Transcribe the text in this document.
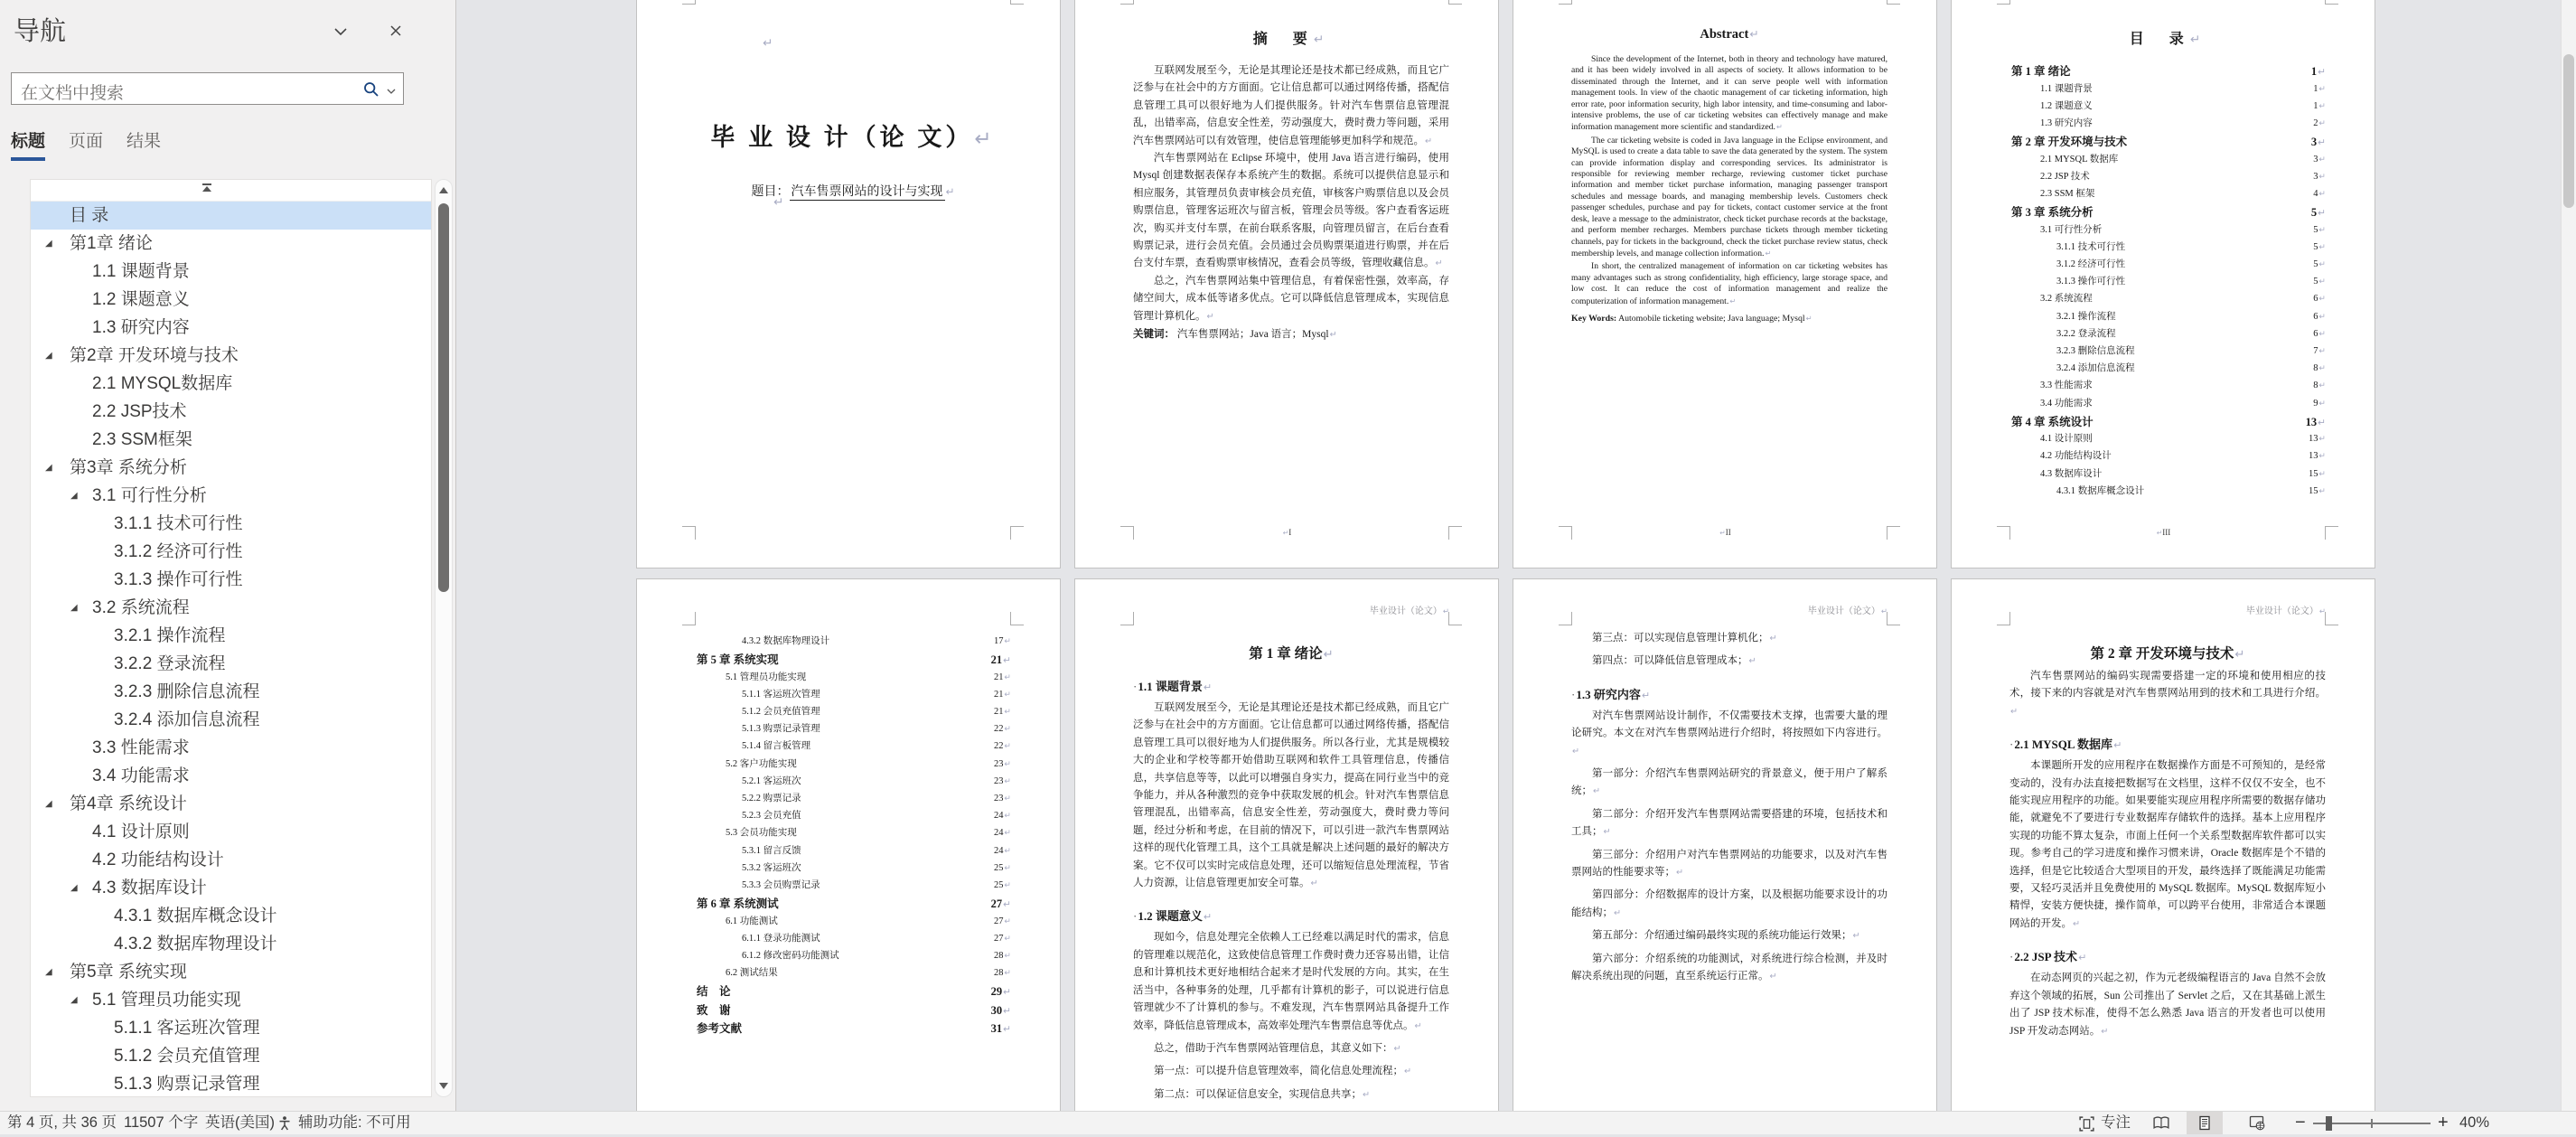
导航
在文档中搜索
标题 页面 结果
目 录
◢ 第1章 绪论
1.1 课题背景
1.2 课题意义
1.3 研究内容
◢ 第2章 开发环境与技术
2.1 MYSQL数据库
2.2 JSP技术
2.3 SSM框架
◢ 第3章 系统分析
◢ 3.1 可行性分析
3.1.1 技术可行性
3.1.2 经济可行性
3.1.3 操作可行性
◢ 3.2 系统流程
3.2.1 操作流程
3.2.2 登录流程
3.2.3 删除信息流程
3.2.4 添加信息流程
3.3 性能需求
3.4 功能需求
◢ 第4章 系统设计
4.1 设计原则
4.2 功能结构设计
◢ 4.3 数据库设计
4.3.1 数据库概念设计
4.3.2 数据库物理设计
◢ 第5章 系统实现
◢ 5.1 管理员功能实现
5.1.1 客运班次管理
5.1.2 会员充值管理
5.1.3 购票记录管理
↵
毕 业 设 计（论 文）↵
题目： 汽车售票网站的设计与实现 ↵
↵
摘　要↵

互联网发展至今，无论是其理论还是技术都已经成熟，而且它广泛参与在社会中的方方面面。它让信息都可以通过网络传播，搭配信息管理工具可以很好地为人们提供服务。针对汽车售票信息管理混乱，出错率高，信息安全性差，劳动强度大，费时费力等问题，采用汽车售票网站可以有效管理，使信息管理能够更加科学和规范。↵

汽车售票网站在 Eclipse 环境中，使用 Java 语言进行编码，使用 Mysql 创建数据表保存本系统产生的数据。系统可以提供信息显示和相应服务，其管理员负责审核会员充值，审核客户购票信息以及会员购票信息，管理客运班次与留言板，管理会员等级。客户查看客运班次，购买并支付车票，在前台联系客服，向管理员留言，在后台查看购票记录，进行会员充值。会员通过会员购票渠道进行购票，并在后台支付车票，查看购票审核情况，查看会员等级，管理收藏信息。↵

总之，汽车售票网站集中管理信息，有着保密性强，效率高，存储空间大，成本低等诸多优点。它可以降低信息管理成本，实现信息管理计算机化。↵

关键词： 汽车售票网站；Java 语言；Mysql↵
↵I
Abstract↵

Since the development of the Internet, both in theory and technology have matured, and it has been widely involved in all aspects of society. It allows information to be disseminated through the Internet, and it can serve people well with information management tools. In view of the chaotic management of car ticketing information, high error rate, poor information security, high labor intensity, and time-consuming and labor-intensive problems, the use of car ticketing websites can effectively manage and make information management more scientific and standardized.↵

The car ticketing website is coded in Java language in the Eclipse environment, and MySQL is used to create a data table to save the data generated by the system. The system can provide information display and corresponding services. Its administrator is responsible for reviewing member recharge, reviewing customer ticket purchase information and member ticket purchase information, managing passenger transport schedules and message boards, and managing membership levels. Customers check passenger schedules, purchase and pay for tickets, contact customer service at the front desk, leave a message to the administrator, check ticket purchase records at the backstage, and perform member recharges. Members purchase tickets through member ticketing channels, pay for tickets in the background, check the ticket purchase review status, check membership levels, and manage collection information.↵

In short, the centralized management of information on car ticketing websites has many advantages such as strong confidentiality, high efficiency, large storage space, and low cost. It can reduce the cost of information management and realize the computerization of information management.↵

Key Words: Automobile ticketing website; Java language; Mysql↵
↵II
目　录↵
第 1 章 绪论	1 ↵
1.1 课题背景	1 ↵
1.2 课题意义	1 ↵
1.3 研究内容	2 ↵
第 2 章 开发环境与技术	3 ↵
2.1 MYSQL 数据库	3 ↵
2.2 JSP 技术	3 ↵
2.3 SSM 框架	4 ↵
第 3 章 系统分析	5 ↵
3.1 可行性分析	5 ↵
3.1.1 技术可行性	5 ↵
3.1.2 经济可行性	5 ↵
3.1.3 操作可行性	5 ↵
3.2 系统流程	6 ↵
3.2.1 操作流程	6 ↵
3.2.2 登录流程	6 ↵
3.2.3 删除信息流程	7 ↵
3.2.4 添加信息流程	8 ↵
3.3 性能需求	8 ↵
3.4 功能需求	9 ↵
第 4 章 系统设计	13 ↵
4.1 设计原则	13 ↵
4.2 功能结构设计	13 ↵
4.3 数据库设计	15 ↵
4.3.1 数据库概念设计	15 ↵
↵III
4.3.2 数据库物理设计	17 ↵
第 5 章 系统实现	21 ↵
5.1 管理员功能实现	21 ↵
5.1.1 客运班次管理	21 ↵
5.1.2 会员充值管理	21 ↵
5.1.3 购票记录管理	22 ↵
5.1.4 留言板管理	22 ↵
5.2 客户功能实现	23 ↵
5.2.1 客运班次	23 ↵
5.2.2 购票记录	23 ↵
5.2.3 会员充值	24 ↵
5.3 会员功能实现	24 ↵
5.3.1 留言反馈	24 ↵
5.3.2 客运班次	25 ↵
5.3.3 会员购票记录	25 ↵
第 6 章 系统测试	27 ↵
6.1 功能测试	27 ↵
6.1.1 登录功能测试	27 ↵
6.1.2 修改密码功能测试	28 ↵
6.2 测试结果	28 ↵
结　论	29 ↵
致　谢	30 ↵
参考文献	31 ↵
毕业设计（论文）↵
第 1 章 绪论↵
· 1.1 课题背景↵

互联网发展至今，无论是其理论还是技术都已经成熟，而且它广泛参与在社会中的方方面面。它让信息都可以通过网络传播，搭配信息管理工具可以很好地为人们提供服务。所以各行业，尤其是规模较大的企业和学校等都开始借助互联网和软件工具管理信息，传播信息，共享信息等等，以此可以增强自身实力，提高在同行业当中的竞争能力，并从各种激烈的竞争中获取发展的机会。针对汽车售票信息管理混乱，出错率高，信息安全性差，劳动强度大，费时费力等问题，经过分析和考虑，在目前的情况下，可以引进一款汽车售票网站这样的现代化管理工具，这个工具就是解决上述问题的最好的解决方案。它不仅可以实时完成信息处理，还可以缩短信息处理流程，节省人力资源，让信息管理更加安全可靠。↵

· 1.2 课题意义↵

现如今，信息处理完全依赖人工已经难以满足时代的需求，信息的管理难以规范化，这致使信息管理工作费时费力还容易出错，让信息和计算机技术更好地相结合起来才是时代发展的方向。其实，在生活当中，各种事务的处理，几乎都有计算机的影子，可以说进行信息管理就少不了计算机的参与。不难发现，汽车售票网站具备提升工作效率，降低信息管理成本，高效率处理汽车售票信息等优点。↵

总之，借助于汽车售票网站管理信息，其意义如下：↵

第一点：可以提升信息管理效率，简化信息处理流程；↵

第二点：可以保证信息安全，实现信息共享；↵

毕业设计（论文）↵

第三点：可以实现信息管理计算机化；↵

第四点：可以降低信息管理成本；↵

· 1.3 研究内容↵

对汽车售票网站设计制作，不仅需要技术支撑，也需要大量的理论研究。本文在对汽车售票网站进行介绍时，将按照如下内容进行。↵

第一部分：介绍汽车售票网站研究的背景意义，便于用户了解系统；↵

第二部分：介绍开发汽车售票网站需要搭建的环境，包括技术和工具；↵

第三部分：介绍用户对汽车售票网站的功能要求，以及对汽车售票网站的性能要求等；↵

第四部分：介绍数据库的设计方案，以及根据功能要求设计的功能结构；↵

第五部分：介绍通过编码最终实现的系统功能运行效果；↵

第六部分：介绍系统的功能测试，对系统进行综合检测，并及时解决系统出现的问题，直至系统运行正常。↵

毕业设计（论文）↵
第 2 章 开发环境与技术↵

汽车售票网站的编码实现需要搭建一定的环境和使用相应的技术，接下来的内容就是对汽车售票网站用到的技术和工具进行介绍。↵

· 2.1 MYSQL 数据库↵

本课题所开发的应用程序在数据操作方面是不可预知的，是经常变动的，没有办法直接把数据写在文档里，这样不仅仅不安全，也不能实现应用程序的功能。如果要能实现应用程序所需要的数据存储功能，就避免不了要进行专业数据库存储软件的选择。基本上应用程序实现的功能不算太复杂，市面上任何一个关系型数据库软件都可以实现。参考自己的学习进度和操作习惯来讲，Oracle 数据库是个不错的选择，但是它比较适合大型项目的开发，最终选择了既能满足功能需要，又轻巧灵活并且免费使用的 MySQL 数据库。MySQL 数据库短小精悍，安装方便快捷，操作简单，可以跨平台使用，非常适合本课题网站的开发。↵

· 2.2 JSP 技术↵

在动态网页的兴起之初，作为元老级编程语言的 Java 自然不会放弃这个领域的拓展，Sun 公司推出了 Servlet 之后，又在其基础上派生出了 JSP 技术标准，使得不怎么熟悉 Java 语言的开发者也可以使用 JSP 开发动态网站。↵

第 4 页, 共 36 页 11507 个字 英语(美国) 辅助功能: 不可用	专注	−	+ 40%
